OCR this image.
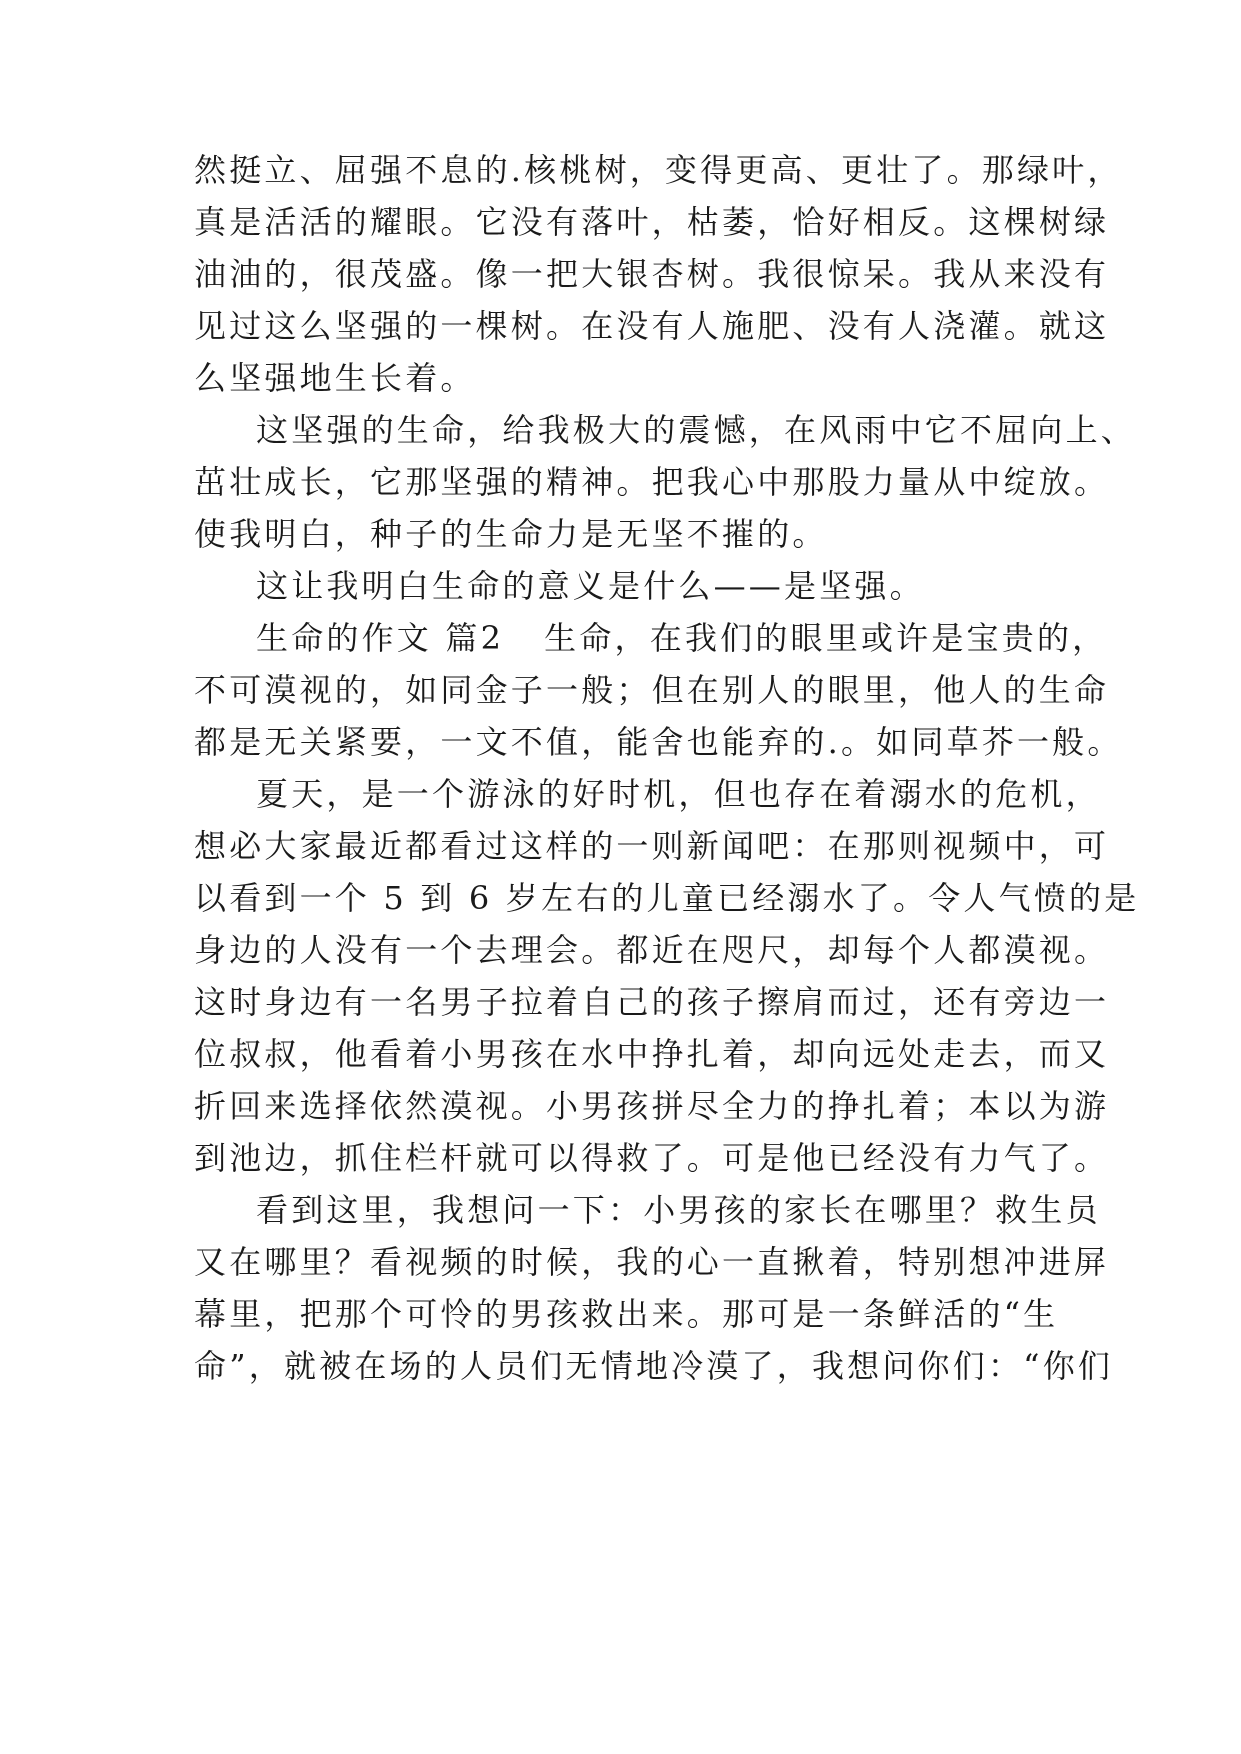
然挺立、屈强不息的.核桃树，变得更高、更壮了。那绿叶，
真是活活的耀眼。它没有落叶，枯萎，恰好相反。这棵树绿
油油的，很茂盛。像一把大银杏树。我很惊呆。我从来没有
见过这么坚强的一棵树。在没有人施肥、没有人浇灌。就这
么坚强地生长着。
这坚强的生命，给我极大的震憾，在风雨中它不屈向上、
茁壮成长，它那坚强的精神。把我心中那股力量从中绽放。
使我明白，种子的生命力是无坚不摧的。
这让我明白生命的意义是什么——是坚强。
生命的作文 篇2 生命，在我们的眼里或许是宝贵的，
不可漠视的，如同金子一般；但在别人的眼里，他人的生命
都是无关紧要，一文不值，能舍也能弃的.。如同草芥一般。
夏天，是一个游泳的好时机，但也存在着溺水的危机，
想必大家最近都看过这样的一则新闻吧：在那则视频中，可
以看到一个 5 到 6 岁左右的儿童已经溺水了。令人气愤的是
身边的人没有一个去理会。都近在咫尺，却每个人都漠视。
这时身边有一名男子拉着自己的孩子擦肩而过，还有旁边一
位叔叔，他看着小男孩在水中挣扎着，却向远处走去，而又
折回来选择依然漠视。小男孩拼尽全力的挣扎着；本以为游
到池边，抓住栏杆就可以得救了。可是他已经没有力气了。
看到这里，我想问一下：小男孩的家长在哪里？救生员
又在哪里？看视频的时候，我的心一直揪着，特别想冲进屏
幕里，把那个可怜的男孩救出来。那可是一条鲜活的“生
命”，就被在场的人员们无情地冷漠了，我想问你们：“你们
